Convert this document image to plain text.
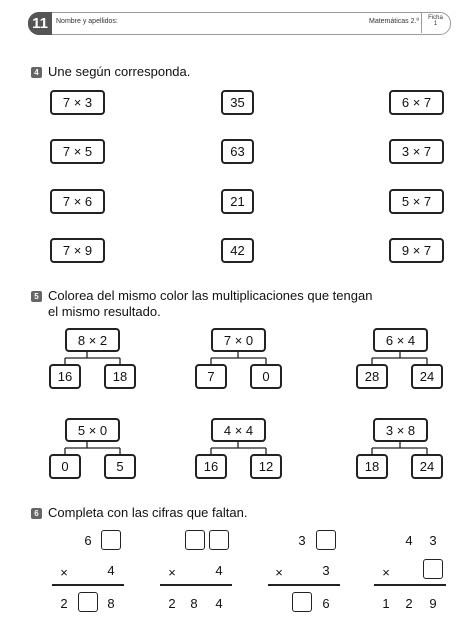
11	Nombre y apellidos:	Matemáticas 2.º	Ficha
1
4 Une según corresponda.
7 × 3
7 × 5
7 × 6
7 × 9
35
63
21
42
6 × 7
3 × 7
5 × 7
9 × 7
5 Colorea del mismo color las multiplicaciones que tengan
el mismo resultado.
8 × 2	7 × 0	6 × 4
16	18	7	0	28	24
5 × 0	4 × 4	3 × 8
0	5	16	12	18	24
6 Completa con las cifras que faltan.
6
×	4
2	8
×	4
2 8 4
3
×	3
6
4 3
×
1 2 9
